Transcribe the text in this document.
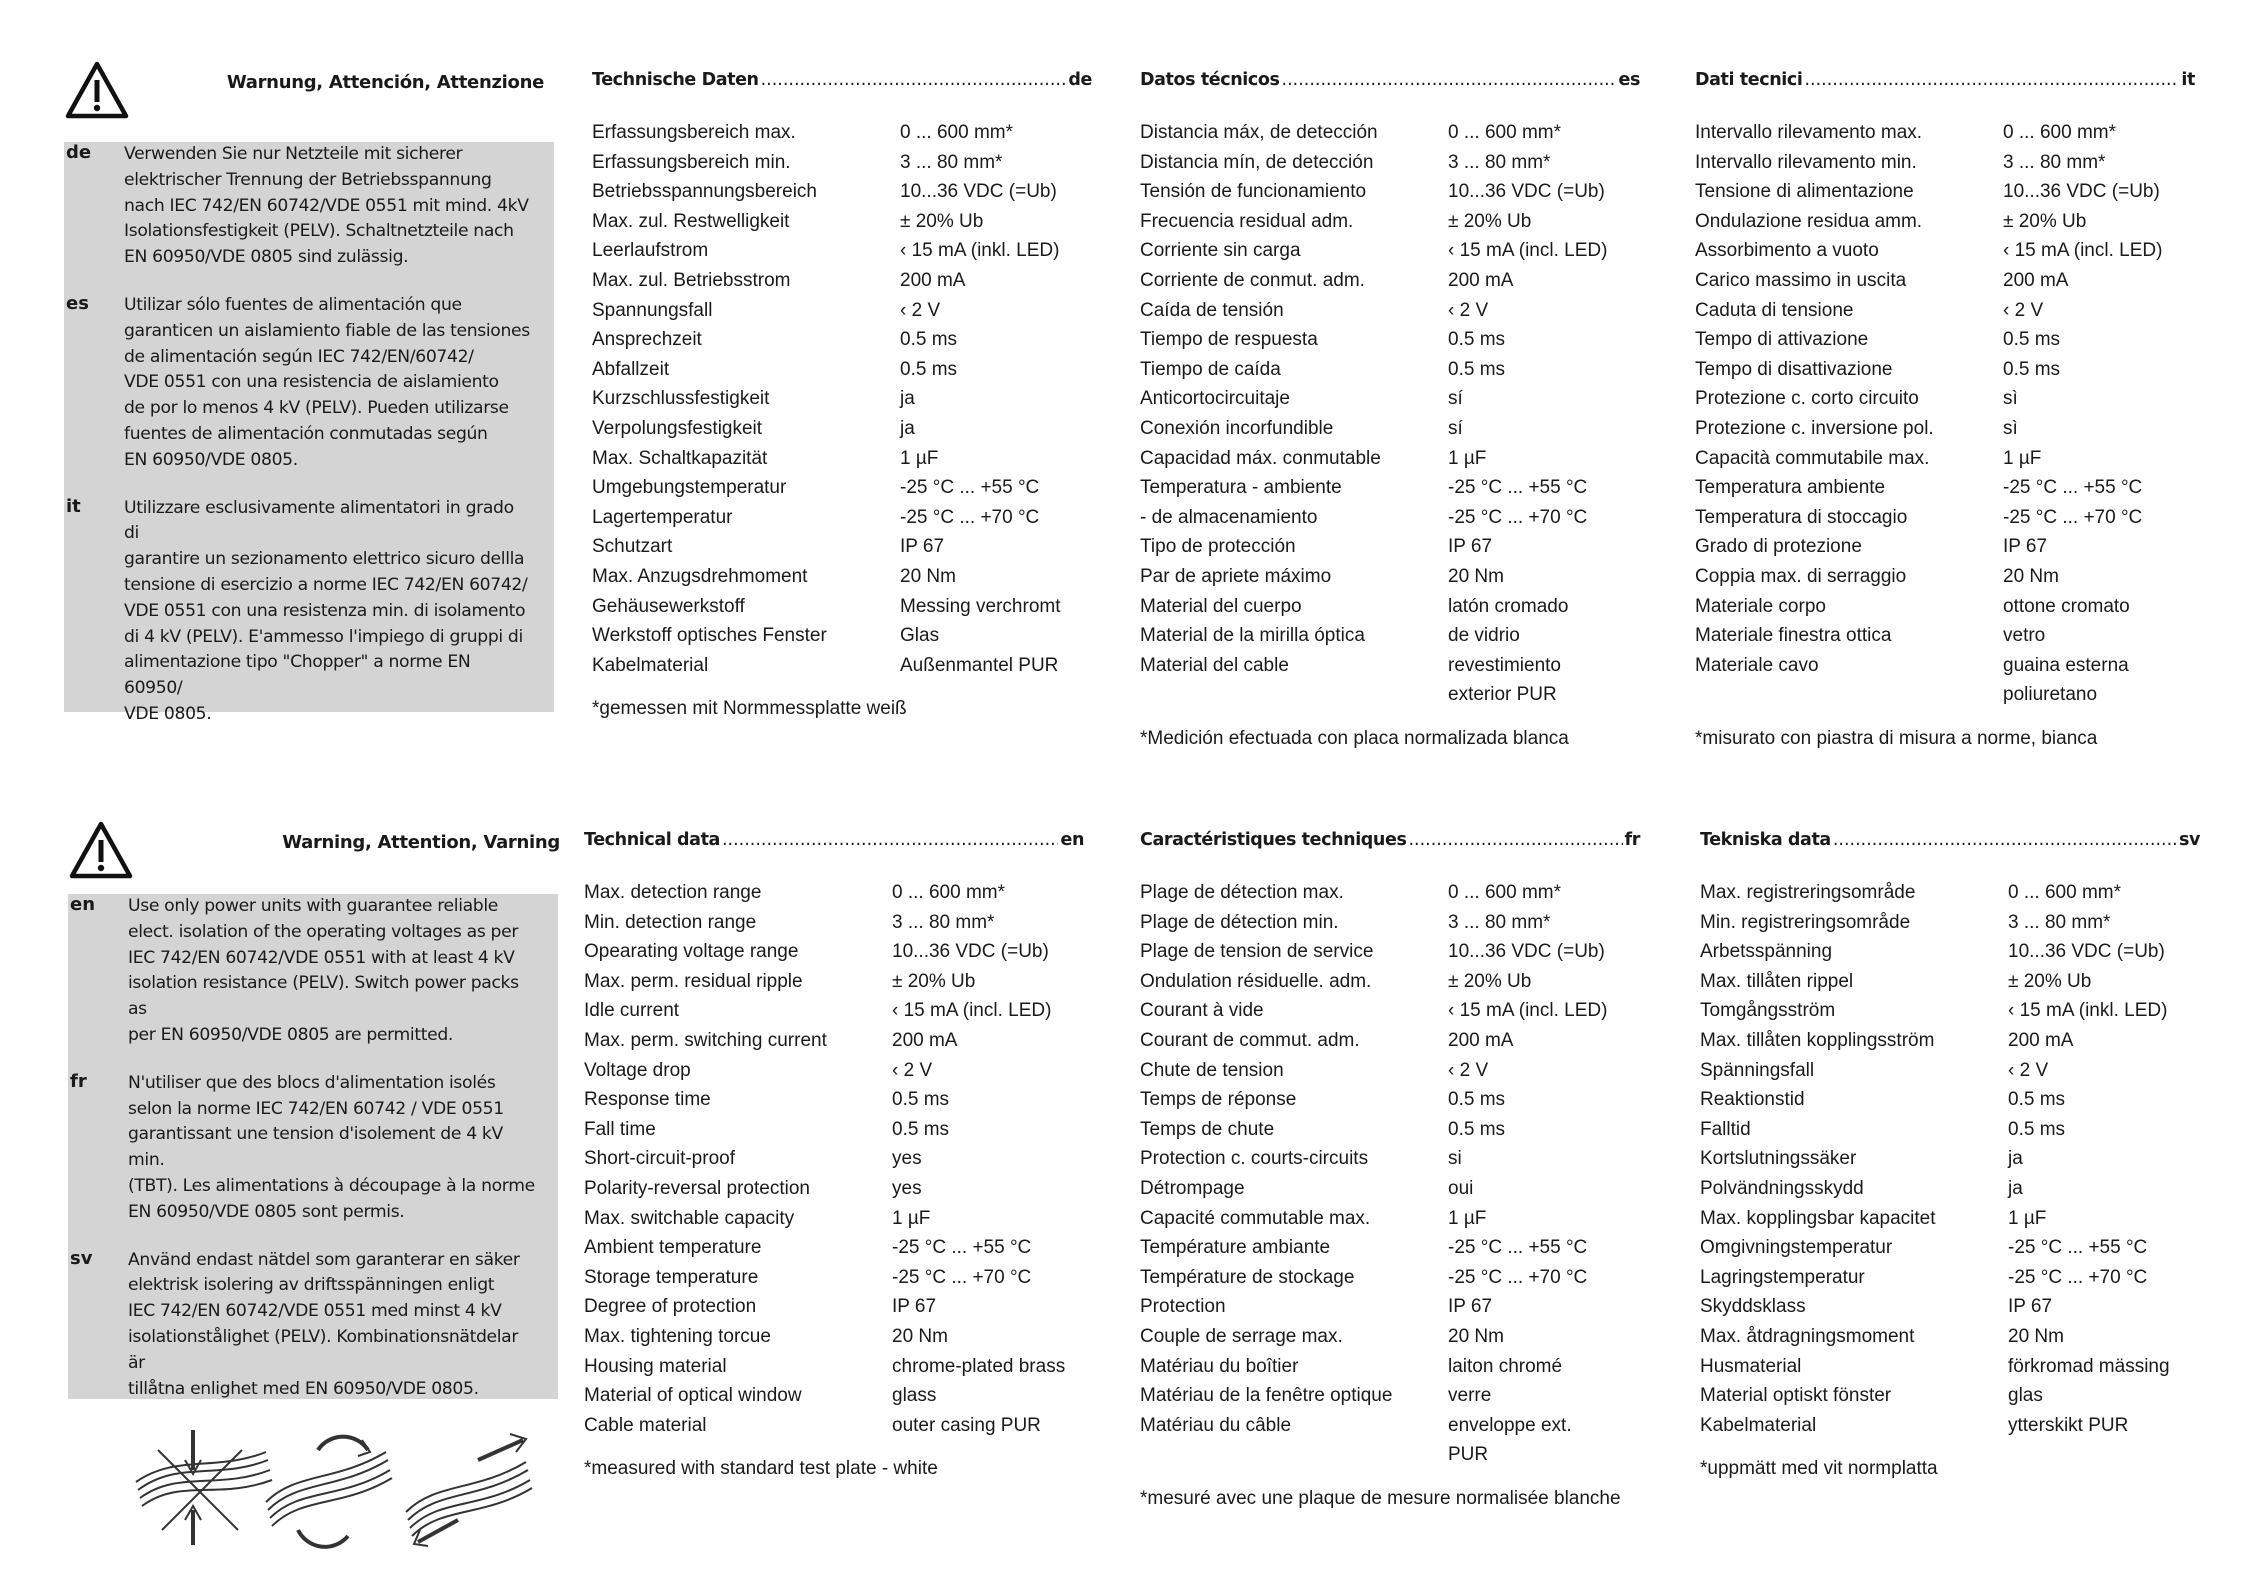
Warnung, Attención, Attenzione
de Verwenden Sie nur Netzteile mit sicherer
elektrischer Trennung der Betriebsspannung
nach IEC 742/EN 60742/VDE 0551 mit mind. 4kV
Isolationsfestigkeit (PELV). Schaltnetzteile nach
EN 60950/VDE 0805 sind zulässig.
es Utilizar sólo fuentes de alimentación que
garanticen un aislamiento fiable de las tensiones
de alimentación según IEC 742/EN/60742/
VDE 0551 con una resistencia de aislamiento
de por lo menos 4 kV (PELV). Pueden utilizarse
fuentes de alimentación conmutadas según
EN 60950/VDE 0805.
it	Utilizzare esclusivamente alimentatori in grado di
garantire un sezionamento elettrico sicuro dellla
tensione di esercizio a norme IEC 742/EN 60742/
VDE 0551 con una resistenza min. di isolamento
di 4 kV (PELV). E'ammesso l'impiego di gruppi di
alimentazione tipo "Chopper" a norme EN 60950/
VDE 0805.
Technische Daten .....	de
Erfassungsbereich max.	0 ... 600 mm*
Erfassungsbereich min.	3 ... 80 mm*
Betriebsspannungsbereich	10...36 VDC (=Ub)
Max. zul. Restwelligkeit	± 20% Ub
Leerlaufstrom	‹ 15 mA (inkl. LED)
Max. zul. Betriebsstrom	200 mA
Spannungsfall	‹ 2 V
Ansprechzeit	0.5 ms
Abfallzeit	0.5 ms
Kurzschlussfestigkeit	ja
Verpolungsfestigkeit	ja
Max. Schaltkapazität	1 µF
Umgebungstemperatur	-25 °C ... +55 °C
Lagertemperatur	-25 °C ... +70 °C
Schutzart	IP 67
Max. Anzugsdrehmoment	20 Nm
Gehäusewerkstoff	Messing verchromt
Werkstoff optisches Fenster	Glas
Kabelmaterial	Außenmantel PUR
*gemessen mit Normmessplatte weiß
Datos técnicos .....	es
Distancia máx, de detección	0 ... 600 mm*
Distancia mín, de detección	3 ... 80 mm*
Tensión de funcionamiento	10...36 VDC (=Ub)
Frecuencia residual adm.	± 20% Ub
Corriente sin carga	‹ 15 mA (incl. LED)
Corriente de conmut. adm.	200 mA
Caída de tensión	‹ 2 V
Tiempo de respuesta	0.5 ms
Tiempo de caída	0.5 ms
Anticortocircuitaje	sí
Conexión incorfundible	sí
Capacidad máx. conmutable	1 µF
Temperatura - ambiente	-25 °C ... +55 °C
- de almacenamiento	-25 °C ... +70 °C
Tipo de protección	IP 67
Par de apriete máximo	20 Nm
Material del cuerpo	latón cromado
Material de la mirilla óptica	de vidrio
Material del cable	revestimiento
exterior PUR
*Medición efectuada con placa normalizada blanca
Dati tecnici .....	it
Intervallo rilevamento max.	0 ... 600 mm*
Intervallo rilevamento min.	3 ... 80 mm*
Tensione di alimentazione	10...36 VDC (=Ub)
Ondulazione residua amm.	± 20% Ub
Assorbimento a vuoto	‹ 15 mA (incl. LED)
Carico massimo in uscita	200 mA
Caduta di tensione	‹ 2 V
Tempo di attivazione	0.5 ms
Tempo di disattivazione	0.5 ms
Protezione c. corto circuito	sì
Protezione c. inversione pol.	sì
Capacità commutabile max.	1 µF
Temperatura ambiente	-25 °C ... +55 °C
Temperatura di stoccagio	-25 °C ... +70 °C
Grado di protezione	IP 67
Coppia max. di serraggio	20 Nm
Materiale corpo	ottone cromato
Materiale finestra ottica	vetro
Materiale cavo	guaina esterna
poliuretano
*misurato con piastra di misura a norme, bianca
Warning, Attention, Varning
en Use only power units with guarantee reliable
elect. isolation of the operating voltages as per
IEC 742/EN 60742/VDE 0551 with at least 4 kV
isolation resistance (PELV). Switch power packs as
per EN 60950/VDE 0805 are permitted.
fr N'utiliser que des blocs d'alimentation isolés
selon la norme IEC 742/EN 60742 / VDE 0551
garantissant une tension d'isolement de 4 kV min.
(TBT). Les alimentations à découpage à la norme
EN 60950/VDE 0805 sont permis.
sv Använd endast nätdel som garanterar en säker
elektrisk isolering av driftsspänningen enligt
IEC 742/EN 60742/VDE 0551 med minst 4 kV
isolationstålighet (PELV). Kombinationsnätdelar är
tillåtna enlighet med EN 60950/VDE 0805.
Technical data .....	en
Max. detection range	0 ... 600 mm*
Min. detection range	3 ... 80 mm*
Opearating voltage range	10...36 VDC (=Ub)
Max. perm. residual ripple	± 20% Ub
Idle current	‹ 15 mA (incl. LED)
Max. perm. switching current	200 mA
Voltage drop	‹ 2 V
Response time	0.5 ms
Fall time	0.5 ms
Short-circuit-proof	yes
Polarity-reversal protection	yes
Max. switchable capacity	1 µF
Ambient temperature	-25 °C ... +55 °C
Storage temperature	-25 °C ... +70 °C
Degree of protection	IP 67
Max. tightening torcue	20 Nm
Housing material	chrome-plated brass
Material of optical window	glass
Cable material	outer casing PUR
*measured with standard test plate - white
Caractéristiques techniques .....	fr
Plage de détection max.	0 ... 600 mm*
Plage de détection min.	3 ... 80 mm*
Plage de tension de service	10...36 VDC (=Ub)
Ondulation résiduelle. adm.	± 20% Ub
Courant à vide	‹ 15 mA (incl. LED)
Courant de commut. adm.	200 mA
Chute de tension	‹ 2 V
Temps de réponse	0.5 ms
Temps de chute	0.5 ms
Protection c. courts-circuits	si
Détrompage	oui
Capacité commutable max.	1 µF
Température ambiante	-25 °C ... +55 °C
Température de stockage	-25 °C ... +70 °C
Protection	IP 67
Couple de serrage max.	20 Nm
Matériau du boîtier	laiton chromé
Matériau de la fenêtre optique	verre
Matériau du câble	enveloppe ext.
PUR
*mesuré avec une plaque de mesure normalisée blanche
Tekniska data .....	sv
Max. registreringsområde	0 ... 600 mm*
Min. registreringsområde	3 ... 80 mm*
Arbetsspänning	10...36 VDC (=Ub)
Max. tillåten rippel	± 20% Ub
Tomgångsström	‹ 15 mA (inkl. LED)
Max. tillåten kopplingsström	200 mA
Spänningsfall	‹ 2 V
Reaktionstid	0.5 ms
Falltid	0.5 ms
Kortslutningssäker	ja
Polvändningsskydd	ja
Max. kopplingsbar kapacitet	1 µF
Omgivningstemperatur	-25 °C ... +55 °C
Lagringstemperatur	-25 °C ... +70 °C
Skyddsklass	IP 67
Max. åtdragningsmoment	20 Nm
Husmaterial	förkromad mässing
Material optiskt fönster	glas
Kabelmaterial	ytterskikt PUR
*uppmätt med vit normplatta
